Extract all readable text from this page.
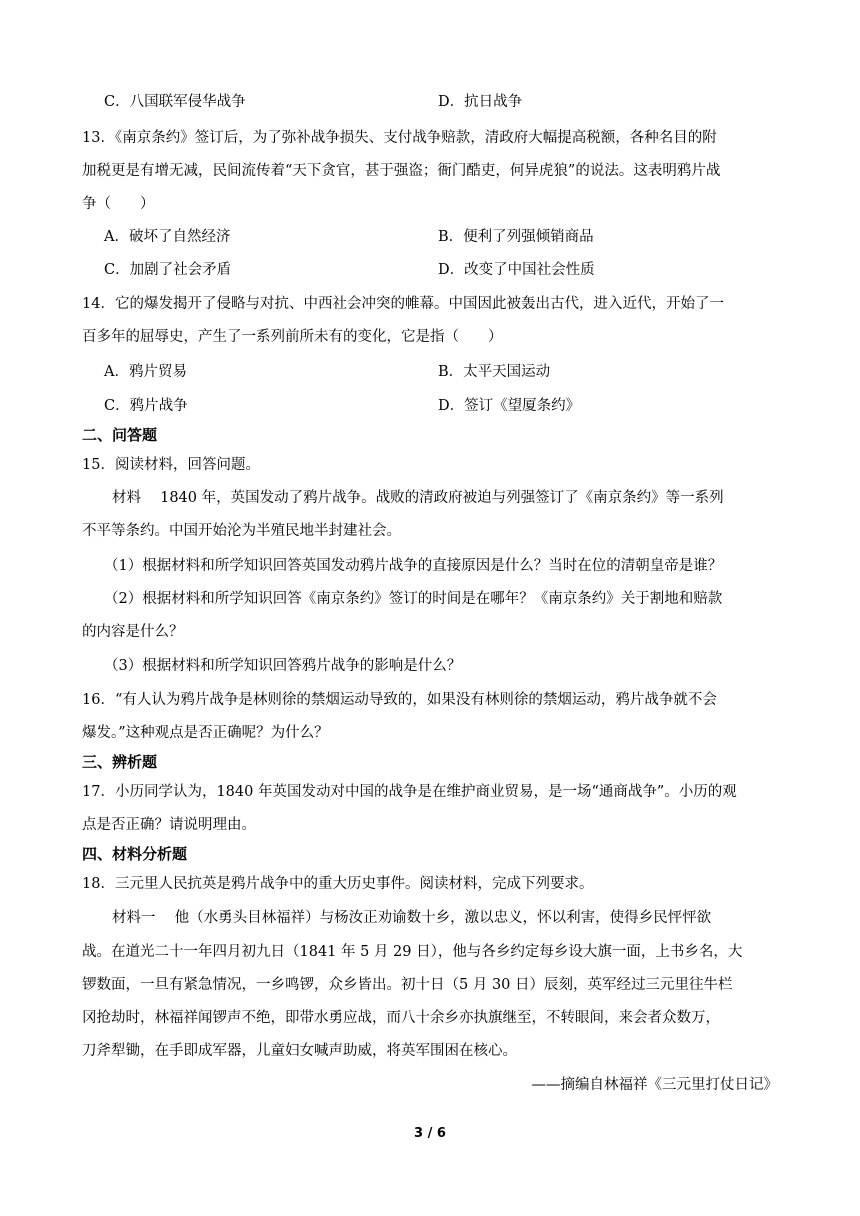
C．八国联军侵华战争	D．抗日战争
13．《南京条约》签订后，为了弥补战争损失、支付战争赔款，清政府大幅提高税额，各种名目的附
加税更是有增无减，民间流传着“天下贪官，甚于强盗；衙门酷吏，何异虎狼”的说法。这表明鸦片战
争（　　）
A．破坏了自然经济	B．便利了列强倾销商品
C．加剧了社会矛盾	D．改变了中国社会性质
14．它的爆发揭开了侵略与对抗、中西社会冲突的帷幕。中国因此被轰出古代，进入近代，开始了一
百多年的屈辱史，产生了一系列前所未有的变化，它是指（　　）
A．鸦片贸易	B．太平天国运动
C．鸦片战争	D．签订《望厦条约》
二、问答题
15．阅读材料，回答问题。
材料　 1840 年，英国发动了鸦片战争。战败的清政府被迫与列强签订了《南京条约》等一系列
不平等条约。中国开始沦为半殖民地半封建社会。
（1）根据材料和所学知识回答英国发动鸦片战争的直接原因是什么？当时在位的清朝皇帝是谁？
（2）根据材料和所学知识回答《南京条约》签订的时间是在哪年？《南京条约》关于割地和赔款
的内容是什么？
（3）根据材料和所学知识回答鸦片战争的影响是什么？
16．“有人认为鸦片战争是林则徐的禁烟运动导致的，如果没有林则徐的禁烟运动，鸦片战争就不会
爆发。”这种观点是否正确呢？为什么？
三、辨析题
17．小历同学认为，1840 年英国发动对中国的战争是在维护商业贸易，是一场“通商战争”。小历的观
点是否正确？请说明理由。
四、材料分析题
18．三元里人民抗英是鸦片战争中的重大历史事件。阅读材料，完成下列要求。
材料一　 他（水勇头目林福祥）与杨汝正劝谕数十乡，激以忠义，怀以利害，使得乡民怦怦欲
战。在道光二十一年四月初九日（1841 年 5 月 29 日），他与各乡约定每乡设大旗一面，上书乡名，大
锣数面，一旦有紧急情况，一乡鸣锣，众乡皆出。初十日（5 月 30 日）辰刻，英军经过三元里往牛栏
冈抢劫时，林福祥闻锣声不绝，即带水勇应战，而八十余乡亦执旗继至，不转眼间，来会者众数万，
刀斧犁锄，在手即成军器，儿童妇女喊声助威，将英军围困在核心。
——摘编自林福祥《三元里打仗日记》
3 / 6
